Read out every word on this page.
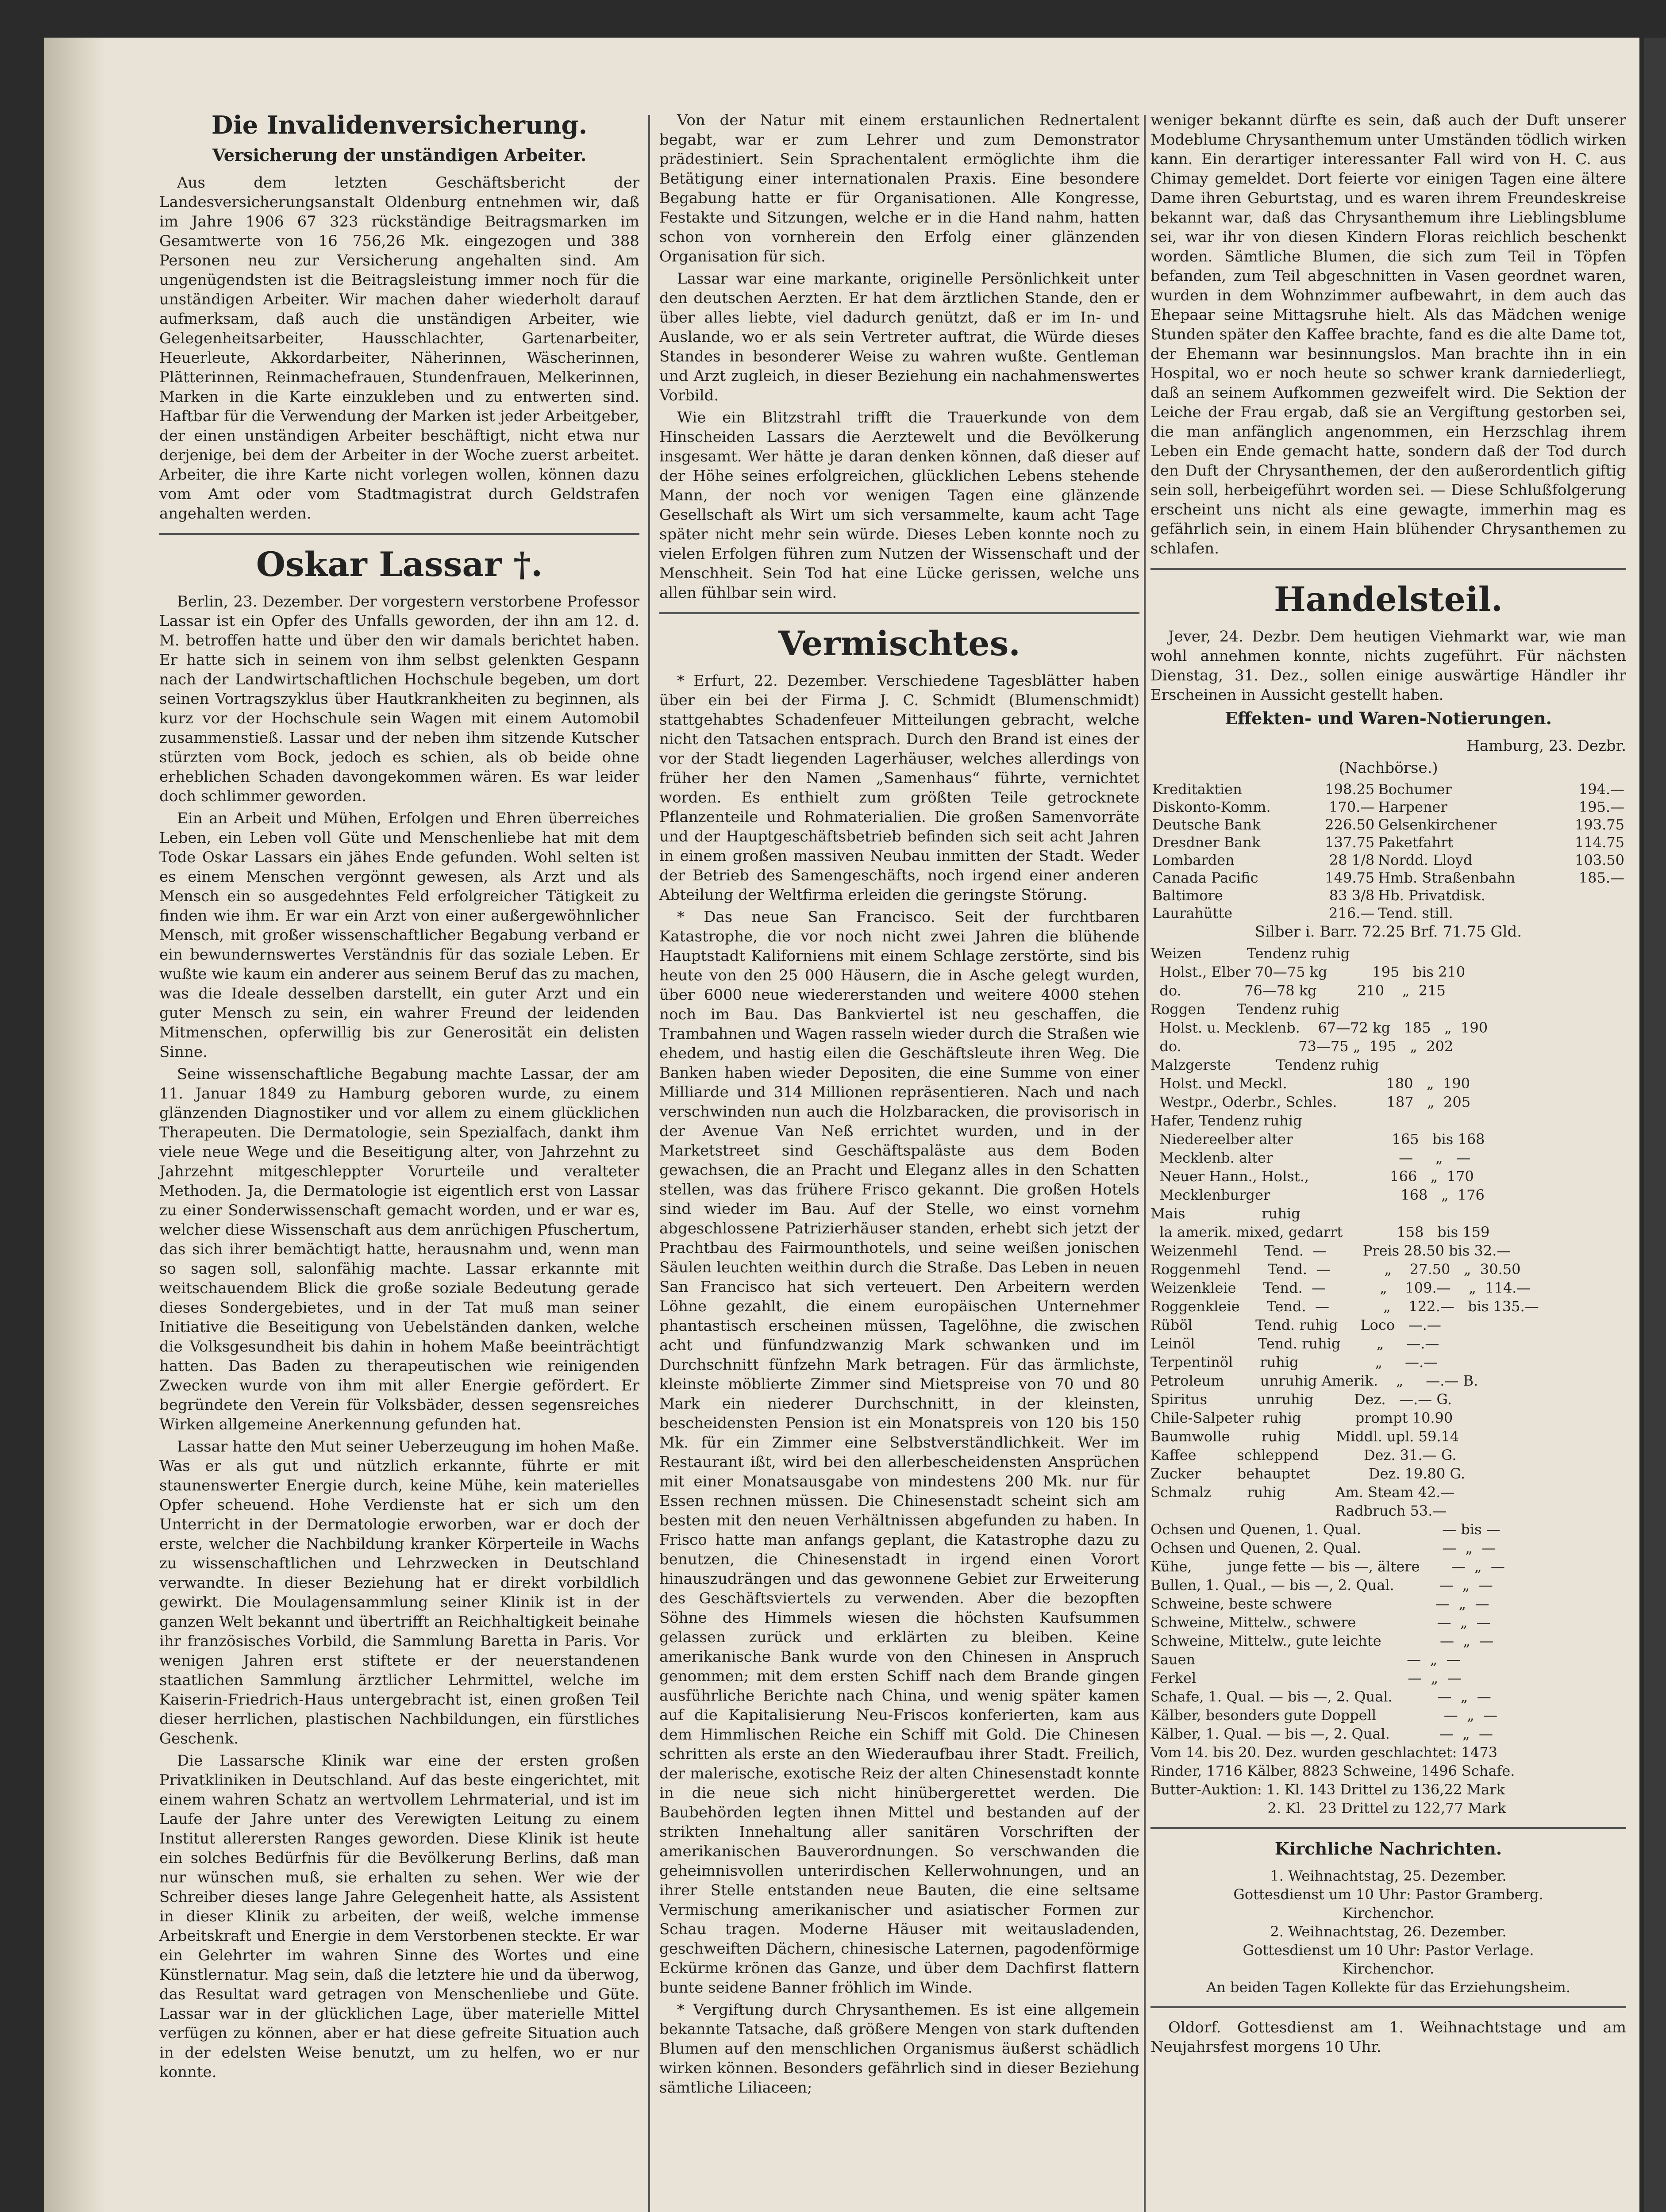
Die Invalidenversicherung.
Versicherung der unständigen Arbeiter.

Aus dem letzten Geschäftsbericht der Landesversicherungsanstalt Oldenburg entnehmen wir, daß im Jahre 1906 67 323 rückständige Beitragsmarken im Gesamtwerte von 16 756,26 Mk. eingezogen und 388 Personen neu zur Versicherung angehalten sind. Am ungenügendsten ist die Beitragsleistung immer noch für die unständigen Arbeiter. Wir machen daher wiederholt darauf aufmerksam, daß auch die unständigen Arbeiter, wie Gelegenheitsarbeiter, Hausschlachter, Gartenarbeiter, Heuerleute, Akkordarbeiter, Näherinnen, Wäscherinnen, Plätterinnen, Reinmachefrauen, Stundenfrauen, Melkerinnen, Marken in die Karte einzukleben und zu entwerten sind. Haftbar für die Verwendung der Marken ist jeder Arbeitgeber, der einen unständigen Arbeiter beschäftigt, nicht etwa nur derjenige, bei dem der Arbeiter in der Woche zuerst arbeitet. Arbeiter, die ihre Karte nicht vorlegen wollen, können dazu vom Amt oder vom Stadtmagistrat durch Geldstrafen angehalten werden.

Oskar Lassar †.

Berlin, 23. Dezember. Der vorgestern verstorbene Professor Lassar ist ein Opfer des Unfalls geworden, der ihn am 12. d. M. betroffen hatte und über den wir damals berichtet haben. Er hatte sich in seinem von ihm selbst gelenkten Gespann nach der Landwirtschaftlichen Hochschule begeben, um dort seinen Vortragszyklus über Hautkrankheiten zu beginnen, als kurz vor der Hochschule sein Wagen mit einem Automobil zusammenstieß. Lassar und der neben ihm sitzende Kutscher stürzten vom Bock, jedoch es schien, als ob beide ohne erheblichen Schaden davongekommen wären. Es war leider doch schlimmer geworden.

Ein an Arbeit und Mühen, Erfolgen und Ehren überreiches Leben, ein Leben voll Güte und Menschenliebe hat mit dem Tode Oskar Lassars ein jähes Ende gefunden. Wohl selten ist es einem Menschen vergönnt gewesen, als Arzt und als Mensch ein so ausgedehntes Feld erfolgreicher Tätigkeit zu finden wie ihm. Er war ein Arzt von einer außergewöhnlicher Mensch, mit großer wissenschaftlicher Begabung verband er ein bewundernswertes Verständnis für das soziale Leben. Er wußte wie kaum ein anderer aus seinem Beruf das zu machen, was die Ideale desselben darstellt, ein guter Arzt und ein guter Mensch zu sein, ein wahrer Freund der leidenden Mitmenschen, opferwillig bis zur Generosität ein delisten Sinne.

Seine wissenschaftliche Begabung machte Lassar, der am 11. Januar 1849 zu Hamburg geboren wurde, zu einem glänzenden Diagnostiker und vor allem zu einem glücklichen Therapeuten. Die Dermatologie, sein Spezialfach, dankt ihm viele neue Wege und die Beseitigung alter, von Jahrzehnt zu Jahrzehnt mitgeschleppter Vorurteile und veralteter Methoden. Ja, die Dermatologie ist eigentlich erst von Lassar zu einer Sonderwissenschaft gemacht worden, und er war es, welcher diese Wissenschaft aus dem anrüchigen Pfuschertum, das sich ihrer bemächtigt hatte, herausnahm und, wenn man so sagen soll, salonfähig machte. Lassar erkannte mit weitschauendem Blick die große soziale Bedeutung gerade dieses Sondergebietes, und in der Tat muß man seiner Initiative die Beseitigung von Uebelständen danken, welche die Volksgesundheit bis dahin in hohem Maße beeinträchtigt hatten. Das Baden zu therapeutischen wie reinigenden Zwecken wurde von ihm mit aller Energie gefördert. Er begründete den Verein für Volksbäder, dessen segensreiches Wirken allgemeine Anerkennung gefunden hat.

Lassar hatte den Mut seiner Ueberzeugung im hohen Maße. Was er als gut und nützlich erkannte, führte er mit staunenswerter Energie durch, keine Mühe, kein materielles Opfer scheuend. Hohe Verdienste hat er sich um den Unterricht in der Dermatologie erworben, war er doch der erste, welcher die Nachbildung kranker Körperteile in Wachs zu wissenschaftlichen und Lehrzwecken in Deutschland verwandte. In dieser Beziehung hat er direkt vorbildlich gewirkt. Die Moulagensammlung seiner Klinik ist in der ganzen Welt bekannt und übertrifft an Reichhaltigkeit beinahe ihr französisches Vorbild, die Sammlung Baretta in Paris. Vor wenigen Jahren erst stiftete er der neuerstandenen staatlichen Sammlung ärztlicher Lehrmittel, welche im Kaiserin-Friedrich-Haus untergebracht ist, einen großen Teil dieser herrlichen, plastischen Nachbildungen, ein fürstliches Geschenk.

Die Lassarsche Klinik war eine der ersten großen Privatkliniken in Deutschland. Auf das beste eingerichtet, mit einem wahren Schatz an wertvollem Lehrmaterial, und ist im Laufe der Jahre unter des Verewigten Leitung zu einem Institut allerersten Ranges geworden. Diese Klinik ist heute ein solches Bedürfnis für die Bevölkerung Berlins, daß man nur wünschen muß, sie erhalten zu sehen. Wer wie der Schreiber dieses lange Jahre Gelegenheit hatte, als Assistent in dieser Klinik zu arbeiten, der weiß, welche immense Arbeitskraft und Energie in dem Verstorbenen steckte. Er war ein Gelehrter im wahren Sinne des Wortes und eine Künstlernatur. Mag sein, daß die letztere hie und da überwog, das Resultat ward getragen von Menschenliebe und Güte. Lassar war in der glücklichen Lage, über materielle Mittel verfügen zu können, aber er hat diese gefreite Situation auch in der edelsten Weise benutzt, um zu helfen, wo er nur konnte.

Von der Natur mit einem erstaunlichen Rednertalent begabt, war er zum Lehrer und zum Demonstrator prädestiniert. Sein Sprachentalent ermöglichte ihm die Betätigung einer internationalen Praxis. Eine besondere Begabung hatte er für Organisationen. Alle Kongresse, Festakte und Sitzungen, welche er in die Hand nahm, hatten schon von vornherein den Erfolg einer glänzenden Organisation für sich.

Lassar war eine markante, originelle Persönlichkeit unter den deutschen Aerzten. Er hat dem ärztlichen Stande, den er über alles liebte, viel dadurch genützt, daß er im In- und Auslande, wo er als sein Vertreter auftrat, die Würde dieses Standes in besonderer Weise zu wahren wußte. Gentleman und Arzt zugleich, in dieser Beziehung ein nachahmenswertes Vorbild.

Wie ein Blitzstrahl trifft die Trauerkunde von dem Hinscheiden Lassars die Aerztewelt und die Bevölkerung insgesamt. Wer hätte je daran denken können, daß dieser auf der Höhe seines erfolgreichen, glücklichen Lebens stehende Mann, der noch vor wenigen Tagen eine glänzende Gesellschaft als Wirt um sich versammelte, kaum acht Tage später nicht mehr sein würde. Dieses Leben konnte noch zu vielen Erfolgen führen zum Nutzen der Wissenschaft und der Menschheit. Sein Tod hat eine Lücke gerissen, welche uns allen fühlbar sein wird.

Vermischtes.

* Erfurt, 22. Dezember. Verschiedene Tagesblätter haben über ein bei der Firma J. C. Schmidt (Blumenschmidt) stattgehabtes Schadenfeuer Mitteilungen gebracht, welche nicht den Tatsachen entsprach. Durch den Brand ist eines der vor der Stadt liegenden Lagerhäuser, welches allerdings von früher her den Namen „Samenhaus“ führte, vernichtet worden. Es enthielt zum größten Teile getrocknete Pflanzenteile und Rohmaterialien. Die großen Samenvorräte und der Hauptgeschäftsbetrieb befinden sich seit acht Jahren in einem großen massiven Neubau inmitten der Stadt. Weder der Betrieb des Samengeschäfts, noch irgend einer anderen Abteilung der Weltfirma erleiden die geringste Störung.

* Das neue San Francisco. Seit der furchtbaren Katastrophe, die vor noch nicht zwei Jahren die blühende Hauptstadt Kaliforniens mit einem Schlage zerstörte, sind bis heute von den 25 000 Häusern, die in Asche gelegt wurden, über 6000 neue wiedererstanden und weitere 4000 stehen noch im Bau. Das Bankviertel ist neu geschaffen, die Trambahnen und Wagen rasseln wieder durch die Straßen wie ehedem, und hastig eilen die Geschäftsleute ihren Weg. Die Banken haben wieder Depositen, die eine Summe von einer Milliarde und 314 Millionen repräsentieren. Nach und nach verschwinden nun auch die Holzbaracken, die provisorisch in der Avenue Van Neß errichtet wurden, und in der Marketstreet sind Geschäftspaläste aus dem Boden gewachsen, die an Pracht und Eleganz alles in den Schatten stellen, was das frühere Frisco gekannt. Die großen Hotels sind wieder im Bau. Auf der Stelle, wo einst vornehm abgeschlossene Patrizierhäuser standen, erhebt sich jetzt der Prachtbau des Fairmounthotels, und seine weißen jonischen Säulen leuchten weithin durch die Straße. Das Leben in neuen San Francisco hat sich verteuert. Den Arbeitern werden Löhne gezahlt, die einem europäischen Unternehmer phantastisch erscheinen müssen, Tagelöhne, die zwischen acht und fünfundzwanzig Mark schwanken und im Durchschnitt fünfzehn Mark betragen. Für das ärmlichste, kleinste möblierte Zimmer sind Mietspreise von 70 und 80 Mark ein niederer Durchschnitt, in der kleinsten, bescheidensten Pension ist ein Monatspreis von 120 bis 150 Mk. für ein Zimmer eine Selbstverständlichkeit. Wer im Restaurant ißt, wird bei den allerbescheidensten Ansprüchen mit einer Monatsausgabe von mindestens 200 Mk. nur für Essen rechnen müssen. Die Chinesenstadt scheint sich am besten mit den neuen Verhältnissen abgefunden zu haben. In Frisco hatte man anfangs geplant, die Katastrophe dazu zu benutzen, die Chinesenstadt in irgend einen Vorort hinauszudrängen und das gewonnene Gebiet zur Erweiterung des Geschäftsviertels zu verwenden. Aber die bezopften Söhne des Himmels wiesen die höchsten Kaufsummen gelassen zurück und erklärten zu bleiben. Keine amerikanische Bank wurde von den Chinesen in Anspruch genommen; mit dem ersten Schiff nach dem Brande gingen ausführliche Berichte nach China, und wenig später kamen auf die Kapitalisierung Neu-Friscos konferierten, kam aus dem Himmlischen Reiche ein Schiff mit Gold. Die Chinesen schritten als erste an den Wiederaufbau ihrer Stadt. Freilich, der malerische, exotische Reiz der alten Chinesenstadt konnte in die neue sich nicht hinübergerettet werden. Die Baubehörden legten ihnen Mittel und bestanden auf der strikten Innehaltung aller sanitären Vorschriften der amerikanischen Bauverordnungen. So verschwanden die geheimnisvollen unterirdischen Kellerwohnungen, und an ihrer Stelle entstanden neue Bauten, die eine seltsame Vermischung amerikanischer und asiatischer Formen zur Schau tragen. Moderne Häuser mit weitausladenden, geschweiften Dächern, chinesische Laternen, pagodenförmige Eckürme krönen das Ganze, und über dem Dachfirst flattern bunte seidene Banner fröhlich im Winde.

* Vergiftung durch Chrysanthemen. Es ist eine allgemein bekannte Tatsache, daß größere Mengen von stark duftenden Blumen auf den menschlichen Organismus äußerst schädlich wirken können. Besonders gefährlich sind in dieser Beziehung sämtliche Liliaceen;

weniger bekannt dürfte es sein, daß auch der Duft unserer Modeblume Chrysanthemum unter Umständen tödlich wirken kann. Ein derartiger interessanter Fall wird von H. C. aus Chimay gemeldet. Dort feierte vor einigen Tagen eine ältere Dame ihren Geburtstag, und es waren ihrem Freundeskreise bekannt war, daß das Chrysanthemum ihre Lieblingsblume sei, war ihr von diesen Kindern Floras reichlich beschenkt worden. Sämtliche Blumen, die sich zum Teil in Töpfen befanden, zum Teil abgeschnitten in Vasen geordnet waren, wurden in dem Wohnzimmer aufbewahrt, in dem auch das Ehepaar seine Mittagsruhe hielt. Als das Mädchen wenige Stunden später den Kaffee brachte, fand es die alte Dame tot, der Ehemann war besinnungslos. Man brachte ihn in ein Hospital, wo er noch heute so schwer krank darniederliegt, daß an seinem Aufkommen gezweifelt wird. Die Sektion der Leiche der Frau ergab, daß sie an Vergiftung gestorben sei, die man anfänglich angenommen, ein Herzschlag ihrem Leben ein Ende gemacht hatte, sondern daß der Tod durch den Duft der Chrysanthemen, der den außerordentlich giftig sein soll, herbeigeführt worden sei. — Diese Schlußfolgerung erscheint uns nicht als eine gewagte, immerhin mag es gefährlich sein, in einem Hain blühender Chrysanthemen zu schlafen.

Handelsteil.

Jever, 24. Dezbr. Dem heutigen Viehmarkt war, wie man wohl annehmen konnte, nichts zugeführt. Für nächsten Dienstag, 31. Dez., sollen einige auswärtige Händler ihr Erscheinen in Aussicht gestellt haben.

Effekten- und Waren-Notierungen.

Hamburg, 23. Dezbr.

(Nachbörse.)

Kreditaktien	198.25	Bochumer	194.—
Diskonto-Komm.	170.—	Harpener	195.—
Deutsche Bank	226.50	Gelsenkirchener	193.75
Dresdner Bank	137.75	Paketfahrt	114.75
Lombarden	28 1/8	Nordd. Lloyd	103.50
Canada Pacific	149.75	Hmb. Straßenbahn	185.—
Baltimore	83 3/8	Hb. Privatdisk.	
Laurahütte	216.—	Tend. still.	

Silber i. Barr. 72.25 Brf. 71.75 Gld.

Weizen          Tendenz ruhig
Holst., Elber 70—75 kg          195   bis 210
do.              76—78 kg         210    „  215
Roggen       Tendenz ruhig
Holst. u. Mecklenb.    67—72 kg   185   „  190
do.                          73—75 „  195   „  202
Malzgerste          Tendenz ruhig
Holst. und Meckl.                      180   „  190
Westpr., Oderbr., Schles.           187   „  205
Hafer, Tendenz ruhig
Niedereelber alter                      165   bis 168
Mecklenb. alter                            —     „   —
Neuer Hann., Holst.,                  166   „  170
Mecklenburger                             168   „  176
Mais                 ruhig
la amerik. mixed, gedarrt            158   bis 159
Weizenmehl      Tend.  —        Preis 28.50 bis 32.—
Roggenmehl      Tend.  —            „    27.50   „  30.50
Weizenkleie      Tend.  —            „    109.—    „  114.—
Roggenkleie      Tend.  —            „    122.—   bis 135.—
Rüböl              Tend. ruhig     Loco   —.—
Leinöl              Tend. ruhig        „     —.—
Terpentinöl      ruhig                 „     —.—
Petroleum        unruhig Amerik.    „     —.— B.
Spiritus           unruhig         Dez.   —.— G.
Chile-Salpeter  ruhig            prompt 10.90
Baumwolle       ruhig        Middl. upl. 59.14
Kaffee         schleppend          Dez. 31.— G.
Zucker        behauptet             Dez. 19.80 G.
Schmalz        ruhig           Am. Steam 42.—
Radbruch 53.—
Ochsen und Quenen, 1. Qual.                  — bis —
Ochsen und Quenen, 2. Qual.                  —  „  —
Kühe,        junge fette — bis —, ältere       —  „  —
Bullen, 1. Qual., — bis —, 2. Qual.          —  „  —
Schweine, beste schwere                       —  „  —
Schweine, Mittelw., schwere                  —  „  —
Schweine, Mittelw., gute leichte             —  „  —
Sauen                                               —  „  —
Ferkel                                               —  „  —
Schafe, 1. Qual. — bis —, 2. Qual.          —  „  —
Kälber, besonders gute Doppell               —  „  —
Kälber, 1. Qual. — bis —, 2. Qual.           —  „  —
Vom 14. bis 20. Dez. wurden geschlachtet: 1473
Rinder, 1716 Kälber, 8823 Schweine, 1496 Schafe.
Butter-Auktion: 1. Kl. 143 Drittel zu 136,22 Mark
2. Kl.   23 Drittel zu 122,77 Mark
Kirchliche Nachrichten.
1. Weihnachtstag, 25. Dezember.
Gottesdienst um 10 Uhr: Pastor Gramberg.
Kirchenchor.
2. Weihnachtstag, 26. Dezember.
Gottesdienst um 10 Uhr: Pastor Verlage.
Kirchenchor.
An beiden Tagen Kollekte für das Erziehungsheim.

Oldorf. Gottesdienst am 1. Weihnachtstage und am Neujahrsfest morgens 10 Uhr.
